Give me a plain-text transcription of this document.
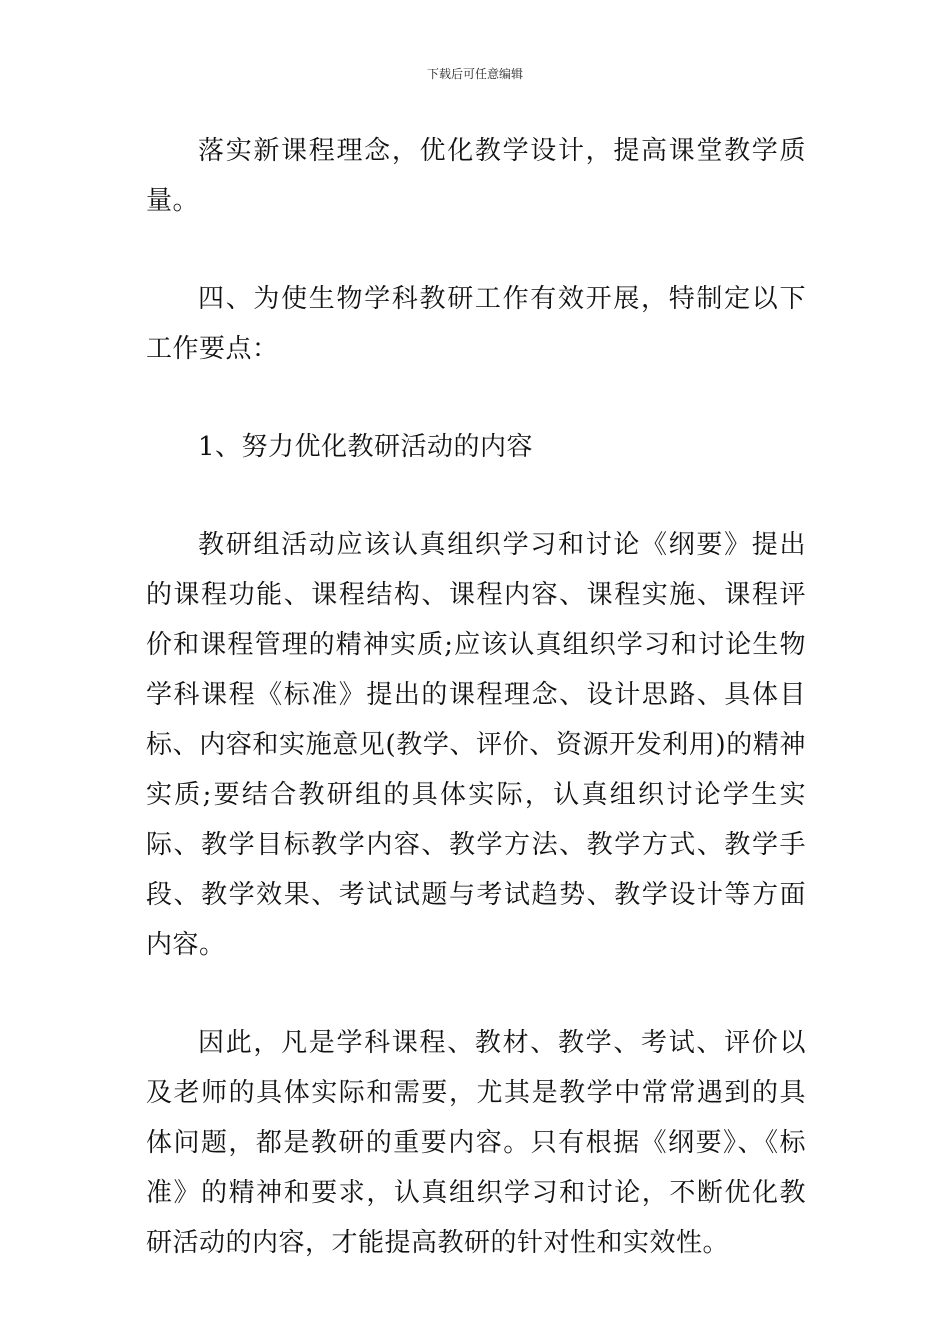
下载后可任意编辑

落实新课程理念，优化教学设计，提高课堂教学质量。

四、为使生物学科教研工作有效开展，特制定以下工作要点：

1、努力优化教研活动的内容

教研组活动应该认真组织学习和讨论《纲要》提出的课程功能、课程结构、课程内容、课程实施、课程评价和课程管理的精神实质;应该认真组织学习和讨论生物学科课程《标准》提出的课程理念、设计思路、具体目标、内容和实施意见(教学、评价、资源开发利用)的精神实质;要结合教研组的具体实际，认真组织讨论学生实际、教学目标教学内容、教学方法、教学方式、教学手段、教学效果、考试试题与考试趋势、教学设计等方面内容。

因此，凡是学科课程、教材、教学、考试、评价以及老师的具体实际和需要，尤其是教学中常常遇到的具体问题，都是教研的重要内容。只有根据《纲要》、《标准》的精神和要求，认真组织学习和讨论，不断优化教研活动的内容，才能提高教研的针对性和实效性。
